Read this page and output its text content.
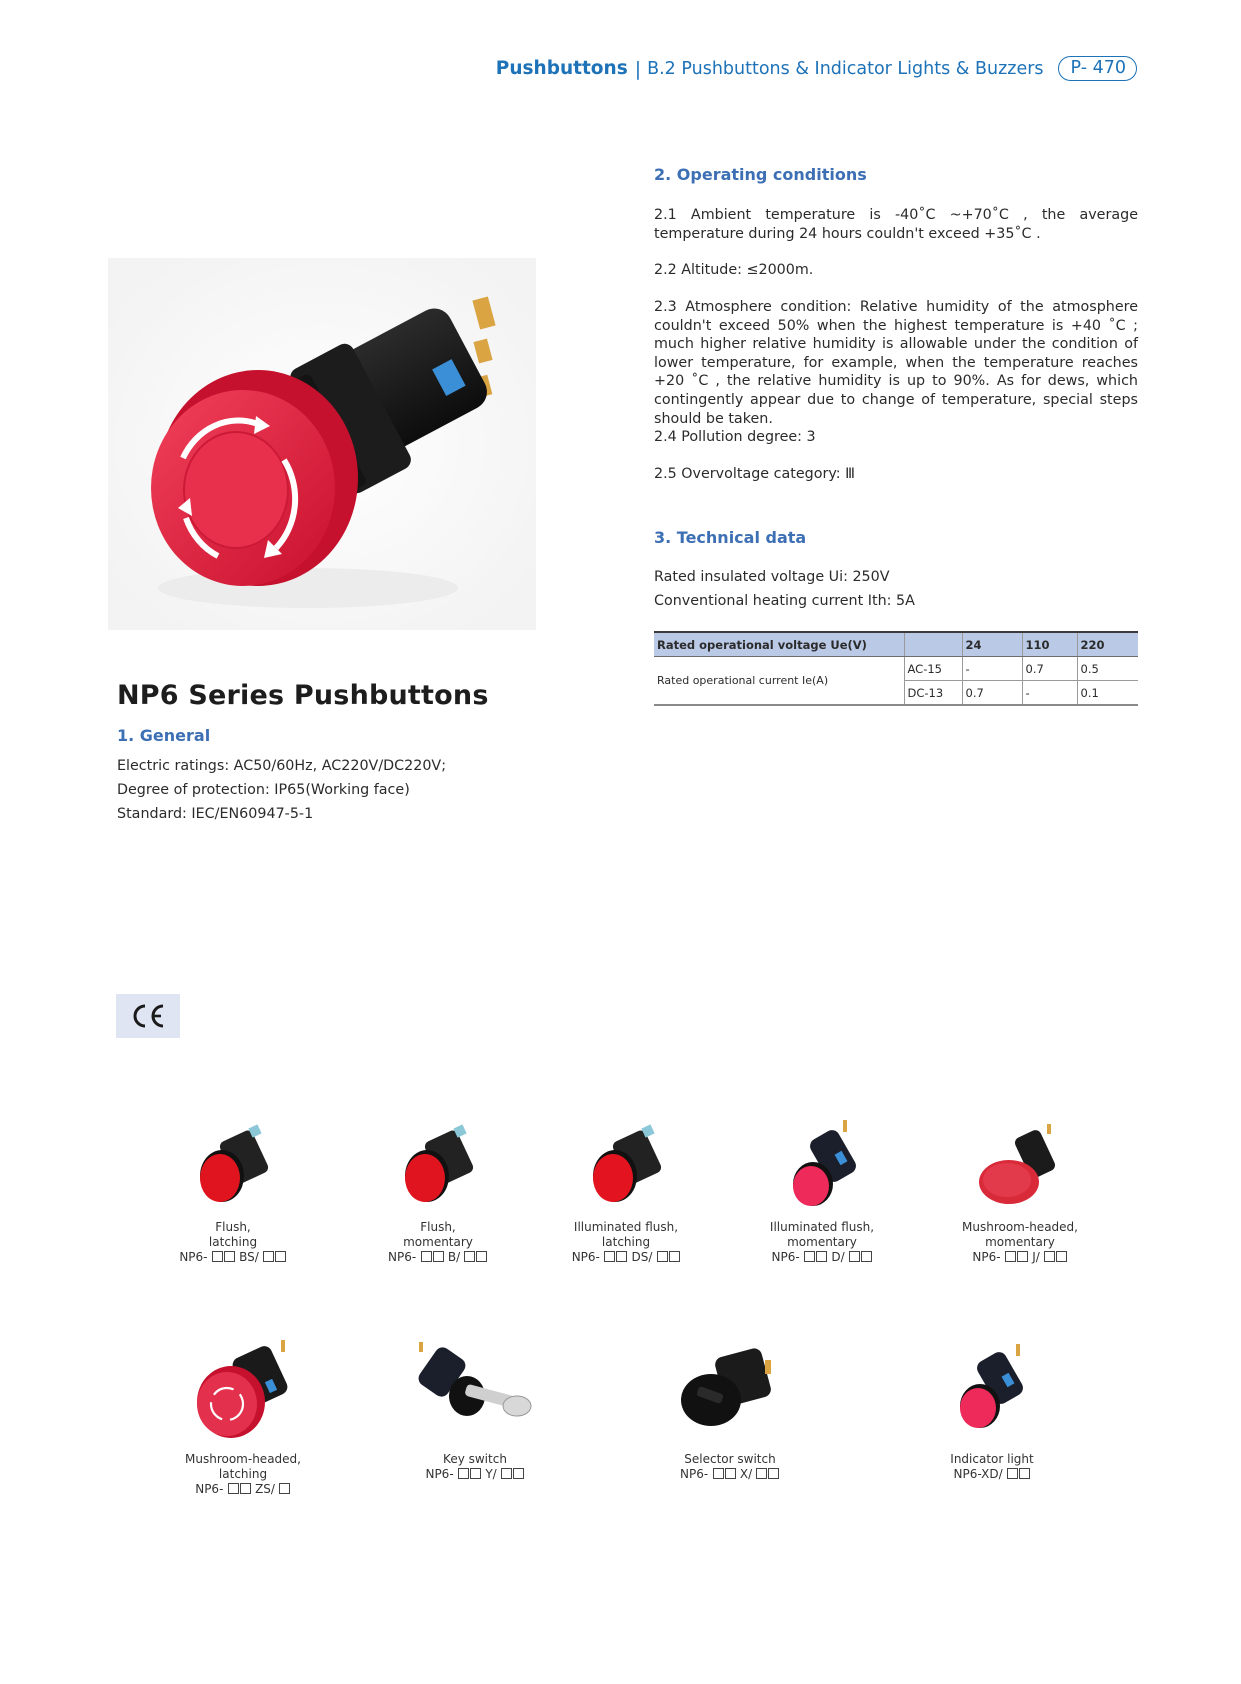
Pushbuttons | B.2 Pushbuttons & Indicator Lights & Buzzers	P- 470
2. Operating conditions
2.1 Ambient temperature is -40˚C ~+70˚C , the average temperature during 24 hours couldn't exceed +35˚C .
2.2 Altitude: ≤2000m.
2.3 Atmosphere condition: Relative humidity of the atmosphere couldn't exceed 50% when the highest temperature is +40 ˚C ; much higher relative humidity is allowable under the condition of lower temperature, for example, when the temperature reaches +20 ˚C , the relative humidity is up to 90%. As for dews, which contingently appear due to change of temperature, special steps should be taken.
2.4 Pollution degree: 3
2.5 Overvoltage category: Ⅲ
3. Technical data
Rated insulated voltage Ui: 250V
Conventional heating current Ith: 5A
Rated operational voltage Ue(V)		24	110	220
Rated operational current Ie(A)	AC-15	-	0.7	0.5
	DC-13	0.7	-	0.1
NP6 Series Pushbuttons
1. General
Electric ratings: AC50/60Hz, AC220V/DC220V;
Degree of protection: IP65(Working face)
Standard: IEC/EN60947-5-1
Flush,
latching
NP6-	BS/
Flush,
momentary
NP6-	B/
Illuminated flush,
latching
NP6-	DS/
Illuminated flush,
momentary
NP6-	D/
Mushroom-headed,
momentary
NP6-	J/
Mushroom-headed,
latching
NP6-	ZS/
Key switch
NP6-	Y/
Selector switch
NP6-	X/
Indicator light
NP6-XD/
